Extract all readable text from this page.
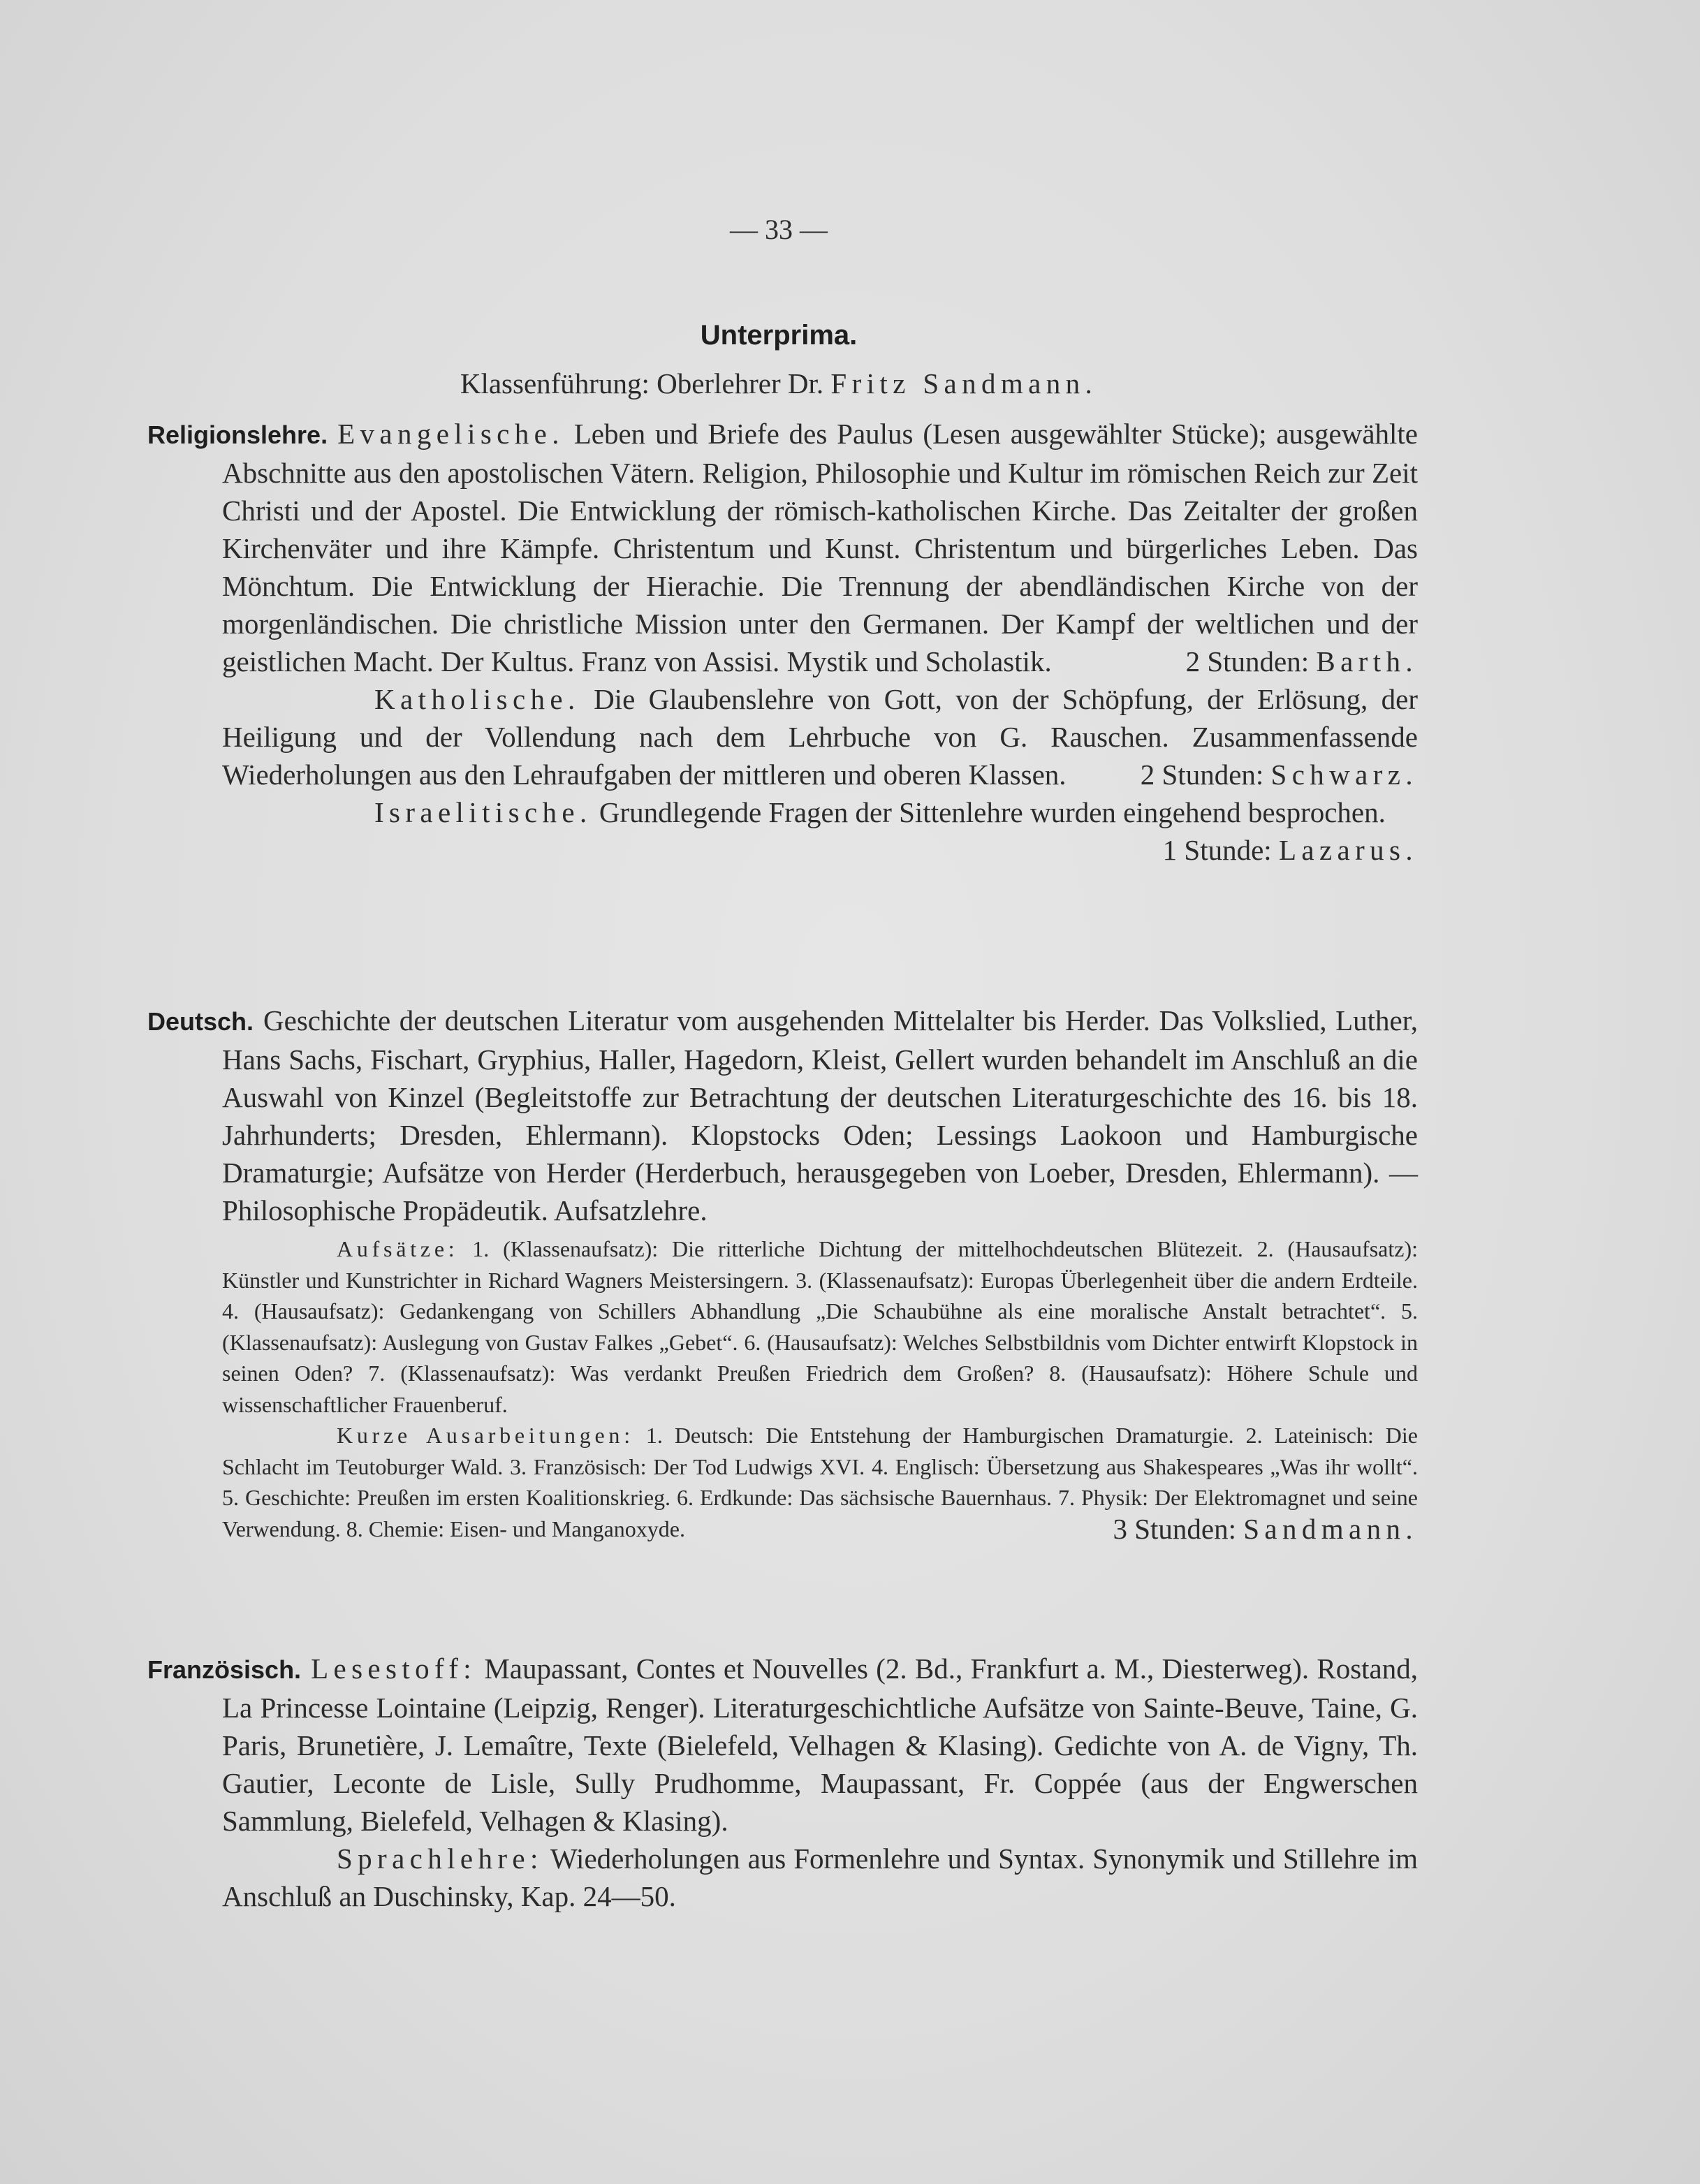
— 33 —
Unterprima.
Klassenführung: Oberlehrer Dr. Fritz Sandmann.

Religionslehre. Evangelische. Leben und Briefe des Paulus (Lesen ausgewählter Stücke); ausgewählte Abschnitte aus den apostolischen Vätern. Religion, Philosophie und Kultur im römischen Reich zur Zeit Christi und der Apostel. Die Entwicklung der römisch-katholischen Kirche. Das Zeitalter der großen Kirchenväter und ihre Kämpfe. Christentum und Kunst. Christentum und bürgerliches Leben. Das Mönchtum. Die Entwicklung der Hierachie. Die Trennung der abendländischen Kirche von der morgenländischen. Die christliche Mission unter den Germanen. Der Kampf der weltlichen und der geistlichen Macht. Der Kultus. Franz von Assisi. Mystik und Scholastik.	2 Stunden: Barth.

Katholische. Die Glaubenslehre von Gott, von der Schöpfung, der Erlösung, der Heiligung und der Vollendung nach dem Lehrbuche von G. Rauschen. Zusammenfassende Wiederholungen aus den Lehraufgaben der mittleren und oberen Klassen.	2 Stunden: Schwarz.

Israelitische. Grundlegende Fragen der Sittenlehre wurden eingehend besprochen.
1 Stunde: Lazarus.

Deutsch. Geschichte der deutschen Literatur vom ausgehenden Mittelalter bis Herder. Das Volkslied, Luther, Hans Sachs, Fischart, Gryphius, Haller, Hagedorn, Kleist, Gellert wurden behandelt im Anschluß an die Auswahl von Kinzel (Begleitstoffe zur Betrachtung der deutschen Literaturgeschichte des 16. bis 18. Jahrhunderts; Dresden, Ehlermann). Klopstocks Oden; Lessings Laokoon und Hamburgische Dramaturgie; Aufsätze von Herder (Herderbuch, herausgegeben von Loeber, Dresden, Ehlermann). — Philosophische Propädeutik. Aufsatzlehre.

Aufsätze: 1. (Klassenaufsatz): Die ritterliche Dichtung der mittelhochdeutschen Blütezeit. 2. (Hausaufsatz): Künstler und Kunstrichter in Richard Wagners Meistersingern. 3. (Klassenaufsatz): Europas Überlegenheit über die andern Erdteile. 4. (Hausaufsatz): Gedankengang von Schillers Abhandlung „Die Schaubühne als eine moralische Anstalt betrachtet“. 5. (Klassenaufsatz): Auslegung von Gustav Falkes „Gebet“. 6. (Hausaufsatz): Welches Selbstbildnis vom Dichter entwirft Klopstock in seinen Oden? 7. (Klassenaufsatz): Was verdankt Preußen Friedrich dem Großen? 8. (Hausaufsatz): Höhere Schule und wissenschaftlicher Frauenberuf.

Kurze Ausarbeitungen: 1. Deutsch: Die Entstehung der Hamburgischen Dramaturgie. 2. Lateinisch: Die Schlacht im Teutoburger Wald. 3. Französisch: Der Tod Ludwigs XVI. 4. Englisch: Übersetzung aus Shakespeares „Was ihr wollt“. 5. Geschichte: Preußen im ersten Koalitionskrieg. 6. Erdkunde: Das sächsische Bauernhaus. 7. Physik: Der Elektromagnet und seine Verwendung. 8. Chemie: Eisen- und Manganoxyde.	3 Stunden: Sandmann.

Französisch. Lesestoff: Maupassant, Contes et Nouvelles (2. Bd., Frankfurt a. M., Diesterweg). Rostand, La Princesse Lointaine (Leipzig, Renger). Literaturgeschichtliche Aufsätze von Sainte-Beuve, Taine, G. Paris, Brunetière, J. Lemaître, Texte (Bielefeld, Velhagen & Klasing). Gedichte von A. de Vigny, Th. Gautier, Leconte de Lisle, Sully Prudhomme, Maupassant, Fr. Coppée (aus der Engwerschen Sammlung, Bielefeld, Velhagen & Klasing).

Sprachlehre: Wiederholungen aus Formenlehre und Syntax. Synonymik und Stillehre im Anschluß an Duschinsky, Kap. 24—50.
